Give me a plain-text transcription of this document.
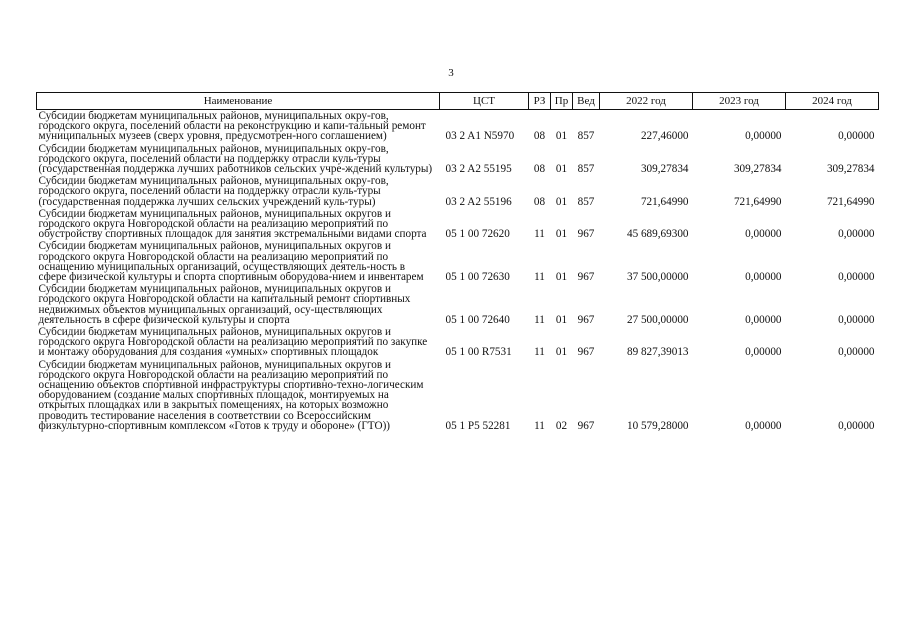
3
Наименование	ЦСТ	РЗ	Пр	Вед	2022 год	2023 год	2024 год
Субсидии бюджетам муниципальных районов, муниципальных окру-гов, городского округа, поселений области на реконструкцию и капи-тальный ремонт муниципальных музеев (сверх уровня, предусмотрен-ного соглашением)	03 2 A1 N5970	08	01	857	227,46000	0,00000	0,00000
Субсидии бюджетам муниципальных районов, муниципальных окру-гов, городского округа, поселений области на поддержку отрасли куль-туры (государственная поддержка лучших работников сельских учре-ждений культуры)	03 2 A2 55195	08	01	857	309,27834	309,27834	309,27834
Субсидии бюджетам муниципальных районов, муниципальных окру-гов, городского округа, поселений области на поддержку отрасли куль-туры (государственная поддержка лучших сельских учреждений куль-туры)	03 2 A2 55196	08	01	857	721,64990	721,64990	721,64990
Субсидии бюджетам муниципальных районов, муниципальных округов и городского округа Новгородской области на реализацию мероприятий по обустройству спортивных площадок для занятия экстремальными видами спорта	05 1 00 72620	11	01	967	45 689,69300	0,00000	0,00000
Субсидии бюджетам муниципальных районов, муниципальных округов и городского округа Новгородской области на реализацию мероприятий по оснащению муниципальных организаций, осуществляющих деятель-ность в сфере физической культуры и спорта спортивным оборудова-нием и инвентарем	05 1 00 72630	11	01	967	37 500,00000	0,00000	0,00000
Субсидии бюджетам муниципальных районов, муниципальных округов и городского округа Новгородской области на капитальный ремонт спортивных недвижимых объектов муниципальных организаций, осу-ществляющих деятельность в сфере физической культуры и спорта	05 1 00 72640	11	01	967	27 500,00000	0,00000	0,00000
Субсидии бюджетам муниципальных районов, муниципальных округов и городского округа Новгородской области на реализацию мероприятий по закупке и монтажу оборудования для создания «умных» спортивных площадок	05 1 00 R7531	11	01	967	89 827,39013	0,00000	0,00000
Субсидии бюджетам муниципальных районов, муниципальных округов и городского округа Новгородской области на реализацию мероприятий по оснащению объектов спортивной инфраструктуры спортивно-техно-логическим оборудованием (создание малых спортивных площадок, монтируемых на открытых площадках или в закрытых помещениях, на которых возможно проводить тестирование населения в соответствии со Всероссийским физкультурно-спортивным комплексом «Готов к труду и обороне» (ГТО))	05 1 P5 52281	11	02	967	10 579,28000	0,00000	0,00000
